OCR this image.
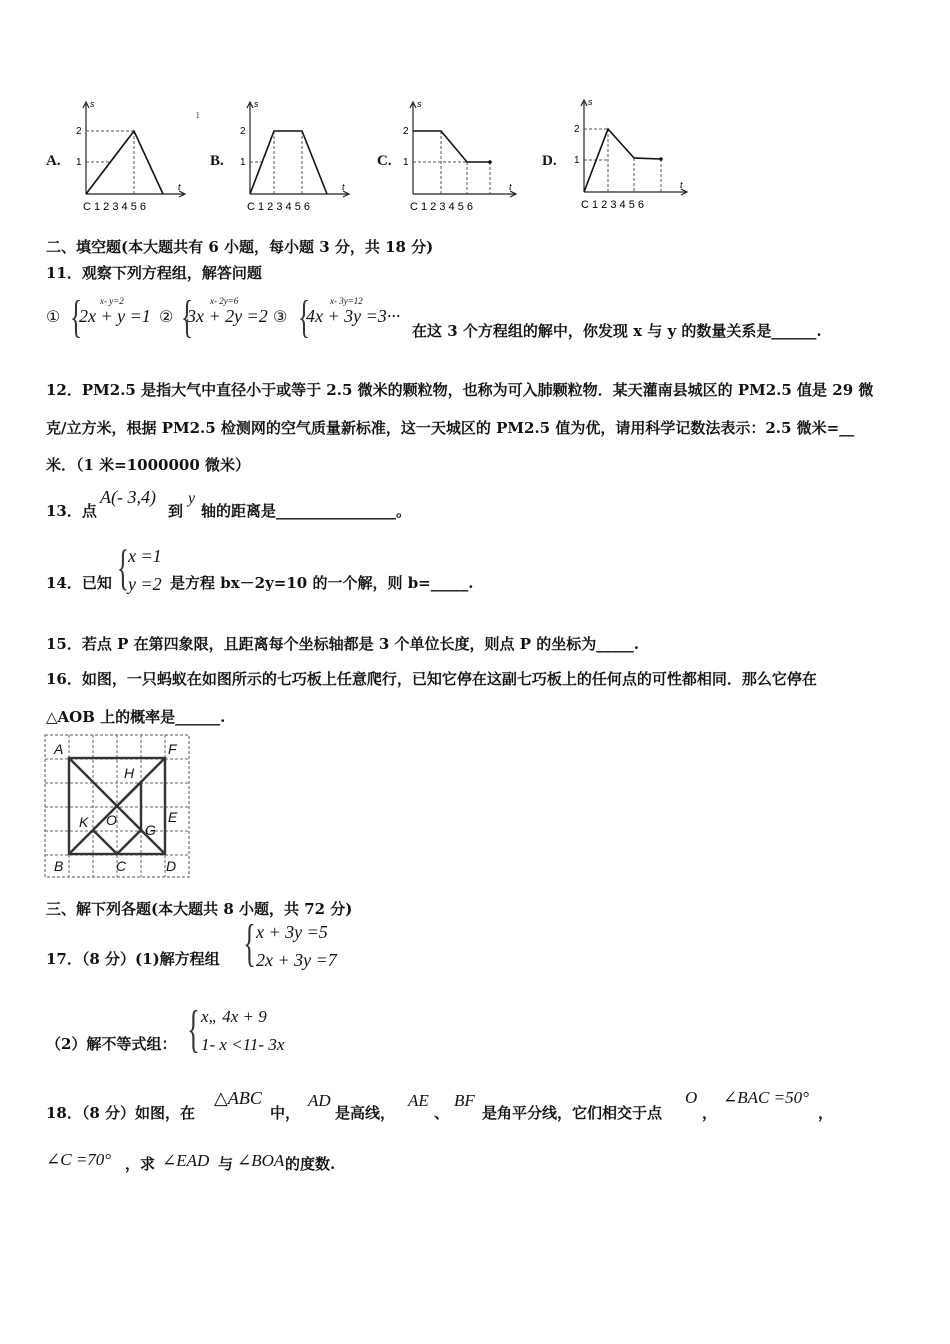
A.	B.	C.	D.
ı
s
t
2
1
C 1 2 3 4 5 6
s
t
2
1
C 1 2 3 4 5 6
s
t
2
1
C 1 2 3 4 5 6
s
t
2
1
C 1 2 3 4 5 6
二、填空题(本大题共有 6 小题，每小题 3 分，共 18 分)
11．观察下列方程组，解答问题
① { x- y=2
2x + y =1 ② { x- 2y=6
3x + 2y =2 ③ { x- 3y=12
4x + 3y =3···
在这 3 个方程组的解中，你发现 x 与 y 的数量关系是______.
12．PM2.5 是指大气中直径小于或等于 2.5 微米的颗粒物，也称为可入肺颗粒物．某天灌南县城区的 PM2.5 值是 29 微
克/立方米，根据 PM2.5 检测网的空气质量新标准，这一天城区的 PM2.5 值为优，请用科学记数法表示：2.5 微米=__
米．（1 米=1000000 微米）
13．点
A(- 3,4)
到
y
轴的距离是________________。
14．已知 { x =1
y =2 是方程 bx－2y=10 的一个解，则 b=_____.
15．若点 P 在第四象限，且距离每个坐标轴都是 3 个单位长度，则点 P 的坐标为_____.
16．如图，一只蚂蚁在如图所示的七巧板上任意爬行，已知它停在这副七巧板上的任何点的可性都相同．那么它停在
△AOB 上的概率是______.
A	F
H
K O
G
E
B	C	D
三、解下列各题(本大题共 8 小题，共 72 分)
17．（8 分）(1)解方程组 { x + 3y =5
2x + 3y =7
（2）解不等式组： { x„ 4x + 9
1- x <11- 3x
18．（8 分）如图，在
△ABC
中，
AD
是高线，
AE
、
BF
是角平分线，它们相交于点
O
，
∠BAC =50°
，
∠C =70° ，求 ∠EAD 与 ∠BOA 的度数.
